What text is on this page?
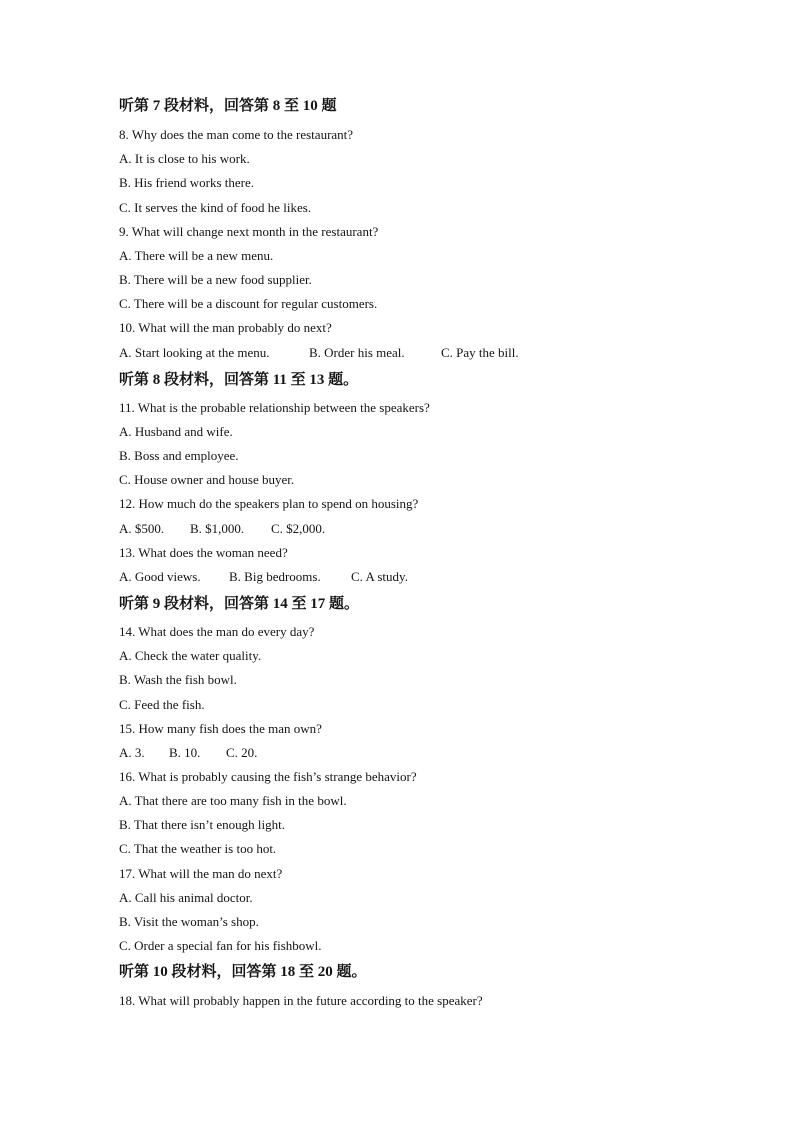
听第 7 段材料，回答第 8 至 10 题
8. Why does the man come to the restaurant?
A. It is close to his work.
B. His friend works there.
C. It serves the kind of food he likes.
9. What will change next month in the restaurant?
A. There will be a new menu.
B. There will be a new food supplier.
C. There will be a discount for regular customers.
10. What will the man probably do next?
A. Start looking at the menu.	B. Order his meal.	C. Pay the bill.
听第 8 段材料，回答第 11 至 13 题。
11. What is the probable relationship between the speakers?
A. Husband and wife.
B. Boss and employee.
C. House owner and house buyer.
12. How much do the speakers plan to spend on housing?
A. $500. B. $1,000. C. $2,000.
13. What does the woman need?
A. Good views. B. Big bedrooms. C. A study.
听第 9 段材料，回答第 14 至 17 题。
14. What does the man do every day?
A. Check the water quality.
B. Wash the fish bowl.
C. Feed the fish.
15. How many fish does the man own?
A. 3. B. 10. C. 20.
16. What is probably causing the fish’s strange behavior?
A. That there are too many fish in the bowl.
B. That there isn’t enough light.
C. That the weather is too hot.
17. What will the man do next?
A. Call his animal doctor.
B. Visit the woman’s shop.
C. Order a special fan for his fishbowl.
听第 10 段材料，回答第 18 至 20 题。
18. What will probably happen in the future according to the speaker?
